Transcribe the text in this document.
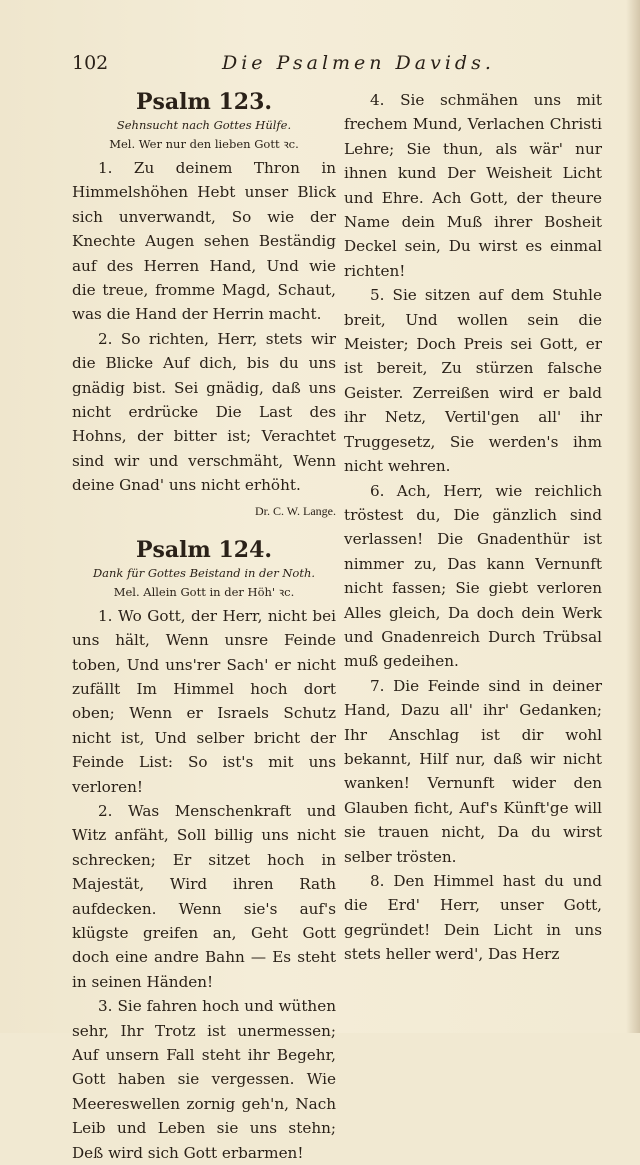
102	Die Psalmen Davids.

Psalm 123.

Sehnsucht nach Gottes Hülfe.

Mel. Wer nur den lieben Gott ꝛc.

1. Zu deinem Thron in Himmelshöhen Hebt unser Blick sich unverwandt, So wie der Knechte Augen sehen Beständig auf des Herren Hand, Und wie die treue, fromme Magd, Schaut, was die Hand der Herrin macht.

2. So richten, Herr, stets wir die Blicke Auf dich, bis du uns gnädig bist. Sei gnädig, daß uns nicht erdrücke Die Last des Hohns, der bitter ist; Verachtet sind wir und verschmäht, Wenn deine Gnad' uns nicht erhöht.

Dr. C. W. Lange.

Psalm 124.

Dank für Gottes Beistand in der Noth.

Mel. Allein Gott in der Höh' ꝛc.

1. Wo Gott, der Herr, nicht bei uns hält, Wenn unsre Feinde toben, Und uns'rer Sach' er nicht zufällt Im Himmel hoch dort oben; Wenn er Israels Schutz nicht ist, Und selber bricht der Feinde List: So ist's mit uns verloren!

2. Was Menschenkraft und Witz anfäht, Soll billig uns nicht schrecken; Er sitzet hoch in Majestät, Wird ihren Rath aufdecken. Wenn sie's auf's klügste greifen an, Geht Gott doch eine andre Bahn — Es steht in seinen Händen!

3. Sie fahren hoch und wüthen sehr, Ihr Trotz ist unermessen; Auf unsern Fall steht ihr Begehr, Gott haben sie vergessen. Wie Meereswellen zornig geh'n, Nach Leib und Leben sie uns stehn; Deß wird sich Gott erbarmen!

4. Sie schmähen uns mit frechem Mund, Verlachen Christi Lehre; Sie thun, als wär' nur ihnen kund Der Weisheit Licht und Ehre. Ach Gott, der theure Name dein Muß ihrer Bosheit Deckel sein, Du wirst es einmal richten!

5. Sie sitzen auf dem Stuhle breit, Und wollen sein die Meister; Doch Preis sei Gott, er ist bereit, Zu stürzen falsche Geister. Zerreißen wird er bald ihr Netz, Vertil'gen all' ihr Truggesetz, Sie werden's ihm nicht wehren.

6. Ach, Herr, wie reichlich tröstest du, Die gänzlich sind verlassen! Die Gnadenthür ist nimmer zu, Das kann Vernunft nicht fassen; Sie giebt verloren Alles gleich, Da doch dein Werk und Gnadenreich Durch Trübsal muß gedeihen.

7. Die Feinde sind in deiner Hand, Dazu all' ihr' Gedanken; Ihr Anschlag ist dir wohl bekannt, Hilf nur, daß wir nicht wanken! Vernunft wider den Glauben ficht, Auf's Künft'ge will sie trauen nicht, Da du wirst selber trösten.

8. Den Himmel hast du und die Erd' Herr, unser Gott, gegründet! Dein Licht in uns stets heller werd', Das Herz
